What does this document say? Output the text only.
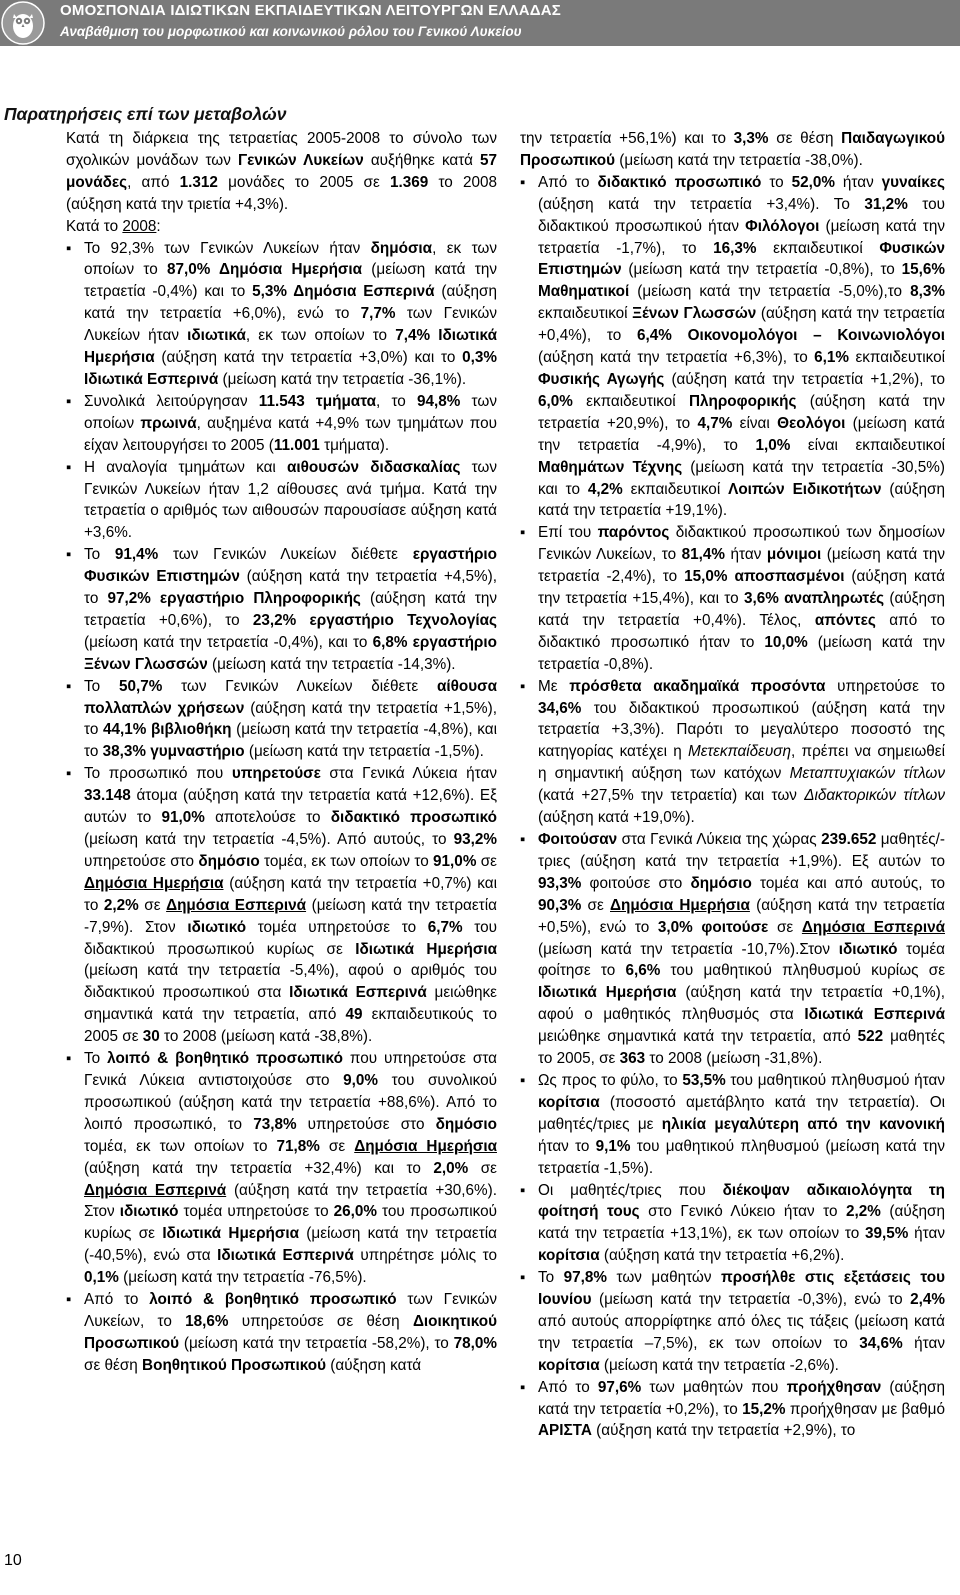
ΟΜΟΣΠΟΝΔΙΑ ΙΔΙΩΤΙΚΩΝ ΕΚΠΑΙΔΕΥΤΙΚΩΝ ΛΕΙΤΟΥΡΓΩΝ ΕΛΛΑΔΑΣ
Αναβάθμιση του μορφωτικού και κοινωνικού ρόλου του Γενικού Λυκείου
Παρατηρήσεις επί των μεταβολών

Κατά τη διάρκεια της τετραετίας 2005-2008 το σύνολο των σχολικών μονάδων των Γενικών Λυκείων αυξήθηκε κατά 57 μονάδες, από 1.312 μονάδες το 2005 σε 1.369 το 2008 (αύξηση κατά την τριετία +4,3%).

Κατά το 2008:

▪ Το 92,3% των Γενικών Λυκείων ήταν δημόσια, εκ των οποίων το 87,0% Δημόσια Ημερήσια (μείωση κατά την τετραετία -0,4%) και το 5,3% Δημόσια Εσπερινά (αύξηση κατά την τετραετία +6,0%), ενώ το 7,7% των Γενικών Λυκείων ήταν ιδιωτικά, εκ των οποίων το 7,4% Ιδιωτικά Ημερήσια (αύξηση κατά την τετραετία +3,0%) και το 0,3% Ιδιωτικά Εσπερινά (μείωση κατά την τετραετία -36,1%).
▪ Συνολικά λειτούργησαν 11.543 τμήματα, το 94,8% των οποίων πρωινά, αυξημένα κατά +4,9% των τμημάτων που είχαν λειτουργήσει το 2005 (11.001 τμήματα).
▪ Η αναλογία τμημάτων και αιθουσών διδασκαλίας των Γενικών Λυκείων ήταν 1,2 αίθουσες ανά τμήμα. Κατά την τετραετία ο αριθμός των αιθουσών παρουσίασε αύξηση κατά +3,6%.
▪ Το 91,4% των Γενικών Λυκείων διέθετε εργαστήριο Φυσικών Επιστημών (αύξηση κατά την τετραετία +4,5%), το 97,2% εργαστήριο Πληροφορικής (αύξηση κατά την τετραετία +0,6%), το 23,2% εργαστήριο Τεχνολογίας (μείωση κατά την τετραετία -0,4%), και το 6,8% εργαστήριο Ξένων Γλωσσών (μείωση κατά την τετραετία -14,3%).
▪ Το 50,7% των Γενικών Λυκείων διέθετε αίθουσα πολλαπλών χρήσεων (αύξηση κατά την τετραετία +1,5%), το 44,1% βιβλιοθήκη (μείωση κατά την τετραετία -4,8%), και το 38,3% γυμναστήριο (μείωση κατά την τετραετία -1,5%).
▪ Το προσωπικό που υπηρετούσε στα Γενικά Λύκεια ήταν 33.148 άτομα (αύξηση κατά την τετραετία κατά +12,6%). Εξ αυτών το 91,0% αποτελούσε το διδακτικό προσωπικό (μείωση κατά την τετραετία -4,5%). Από αυτούς, το 93,2% υπηρετούσε στο δημόσιο τομέα, εκ των οποίων το 91,0% σε Δημόσια Ημερήσια (αύξηση κατά την τετραετία +0,7%) και το 2,2% σε Δημόσια Εσπερινά (μείωση κατά την τετραετία -7,9%). Στον ιδιωτικό τομέα υπηρετούσε το 6,7% του διδακτικού προσωπικού κυρίως σε Ιδιωτικά Ημερήσια (μείωση κατά την τετραετία -5,4%), αφού ο αριθμός του διδακτικού προσωπικού στα Ιδιωτικά Εσπερινά μειώθηκε σημαντικά κατά την τετραετία, από 49 εκπαιδευτικούς το 2005 σε 30 το 2008 (μείωση κατά -38,8%).
▪ Το λοιπό & βοηθητικό προσωπικό που υπηρετούσε στα Γενικά Λύκεια αντιστοιχούσε στο 9,0% του συνολικού προσωπικού (αύξηση κατά την τετραετία +88,6%). Από το λοιπό προσωπικό, το 73,8% υπηρετούσε στο δημόσιο τομέα, εκ των οποίων το 71,8% σε Δημόσια Ημερήσια (αύξηση κατά την τετραετία +32,4%) και το 2,0% σε Δημόσια Εσπερινά (αύξηση κατά την τετραετία +30,6%). Στον ιδιωτικό τομέα υπηρετούσε το 26,0% του προσωπικού κυρίως σε Ιδιωτικά Ημερήσια (μείωση κατά την τετραετία (-40,5%), ενώ στα Ιδιωτικά Εσπερινά υπηρέτησε μόλις το 0,1% (μείωση κατά την τετραετία -76,5%).
▪ Από το λοιπό & βοηθητικό προσωπικό των Γενικών Λυκείων, το 18,6% υπηρετούσε σε θέση Διοικητικού Προσωπικού (μείωση κατά την τετραετία -58,2%), το 78,0% σε θέση Βοηθητικού Προσωπικού (αύξηση κατά

την τετραετία +56,1%) και το 3,3% σε θέση Παιδαγωγικού Προσωπικού (μείωση κατά την τετραετία -38,0%).

▪ Από το διδακτικό προσωπικό το 52,0% ήταν γυναίκες (αύξηση κατά την τετραετία +3,4%). Το 31,2% του διδακτικού προσωπικού ήταν Φιλόλογοι (μείωση κατά την τετραετία -1,7%), το 16,3% εκπαιδευτικοί Φυσικών Επιστημών (μείωση κατά την τετραετία -0,8%), το 15,6% Μαθηματικοί (μείωση κατά την τετραετία -5,0%),το 8,3% εκπαιδευτικοί Ξένων Γλωσσών (αύξηση κατά την τετραετία +0,4%), το 6,4% Οικονομολόγοι – Κοινωνιολόγοι (αύξηση κατά την τετραετία +6,3%), το 6,1% εκπαιδευτικοί Φυσικής Αγωγής (αύξηση κατά την τετραετία +1,2%), το 6,0% εκπαιδευτικοί Πληροφορικής (αύξηση κατά την τετραετία +20,9%), το 4,7% είναι Θεολόγοι (μείωση κατά την τετραετία -4,9%), το 1,0% είναι εκπαιδευτικοί Μαθημάτων Τέχνης (μείωση κατά την τετραετία -30,5%) και το 4,2% εκπαιδευτικοί Λοιπών Ειδικοτήτων (αύξηση κατά την τετραετία +19,1%).
▪ Επί του παρόντος διδακτικού προσωπικού των δημοσίων Γενικών Λυκείων, το 81,4% ήταν μόνιμοι (μείωση κατά την τετραετία -2,4%), το 15,0% αποσπασμένοι (αύξηση κατά την τετραετία +15,4%), και το 3,6% αναπληρωτές (αύξηση κατά την τετραετία +0,4%). Τέλος, απόντες από το διδακτικό προσωπικό ήταν το 10,0% (μείωση κατά την τετραετία -0,8%).
▪ Με πρόσθετα ακαδημαϊκά προσόντα υπηρετούσε το 34,6% του διδακτικού προσωπικού (αύξηση κατά την τετραετία +3,3%). Παρότι το μεγαλύτερο ποσοστό της κατηγορίας κατέχει η Μετεκπαίδευση, πρέπει να σημειωθεί η σημαντική αύξηση των κατόχων Μεταπτυχιακών τίτλων (κατά +27,5% την τετραετία) και των Διδακτορικών τίτλων (αύξηση κατά +19,0%).
▪ Φοιτούσαν στα Γενικά Λύκεια της χώρας 239.652 μαθητές/-τριες (αύξηση κατά την τετραετία +1,9%). Εξ αυτών το 93,3% φοιτούσε στο δημόσιο τομέα και από αυτούς, το 90,3% σε Δημόσια Ημερήσια (αύξηση κατά την τετραετία +0,5%), ενώ το 3,0% φοιτούσε σε Δημόσια Εσπερινά (μείωση κατά την τετραετία -10,7%).Στον ιδιωτικό τομέα φοίτησε το 6,6% του μαθητικού πληθυσμού κυρίως σε Ιδιωτικά Ημερήσια (αύξηση κατά την τετραετία +0,1%), αφού ο μαθητικός πληθυσμός στα Ιδιωτικά Εσπερινά μειώθηκε σημαντικά κατά την τετραετία, από 522 μαθητές το 2005, σε 363 το 2008 (μείωση -31,8%).
▪ Ως προς το φύλο, το 53,5% του μαθητικού πληθυσμού ήταν κορίτσια (ποσοστό αμετάβλητο κατά την τετραετία). Οι μαθητές/τριες με ηλικία μεγαλύτερη από την κανονική ήταν το 9,1% του μαθητικού πληθυσμού (μείωση κατά την τετραετία -1,5%).
▪ Οι μαθητές/τριες που διέκοψαν αδικαιολόγητα τη φοίτησή τους στο Γενικό Λύκειο ήταν το 2,2% (αύξηση κατά την τετραετία +13,1%), εκ των οποίων το 39,5% ήταν κορίτσια (αύξηση κατά την τετραετία +6,2%).
▪ Το 97,8% των μαθητών προσήλθε στις εξετάσεις του Ιουνίου (μείωση κατά την τετραετία -0,3%), ενώ το 2,4% από αυτούς απορρίφτηκε από όλες τις τάξεις (μείωση κατά την τετραετία –7,5%), εκ των οποίων το 34,6% ήταν κορίτσια (μείωση κατά την τετραετία -2,6%).
▪ Από το 97,6% των μαθητών που προήχθησαν (αύξηση κατά την τετραετία +0,2%), το 15,2% προήχθησαν με βαθμό ΑΡΙΣΤΑ (αύξηση κατά την τετραετία +2,9%), το
10
